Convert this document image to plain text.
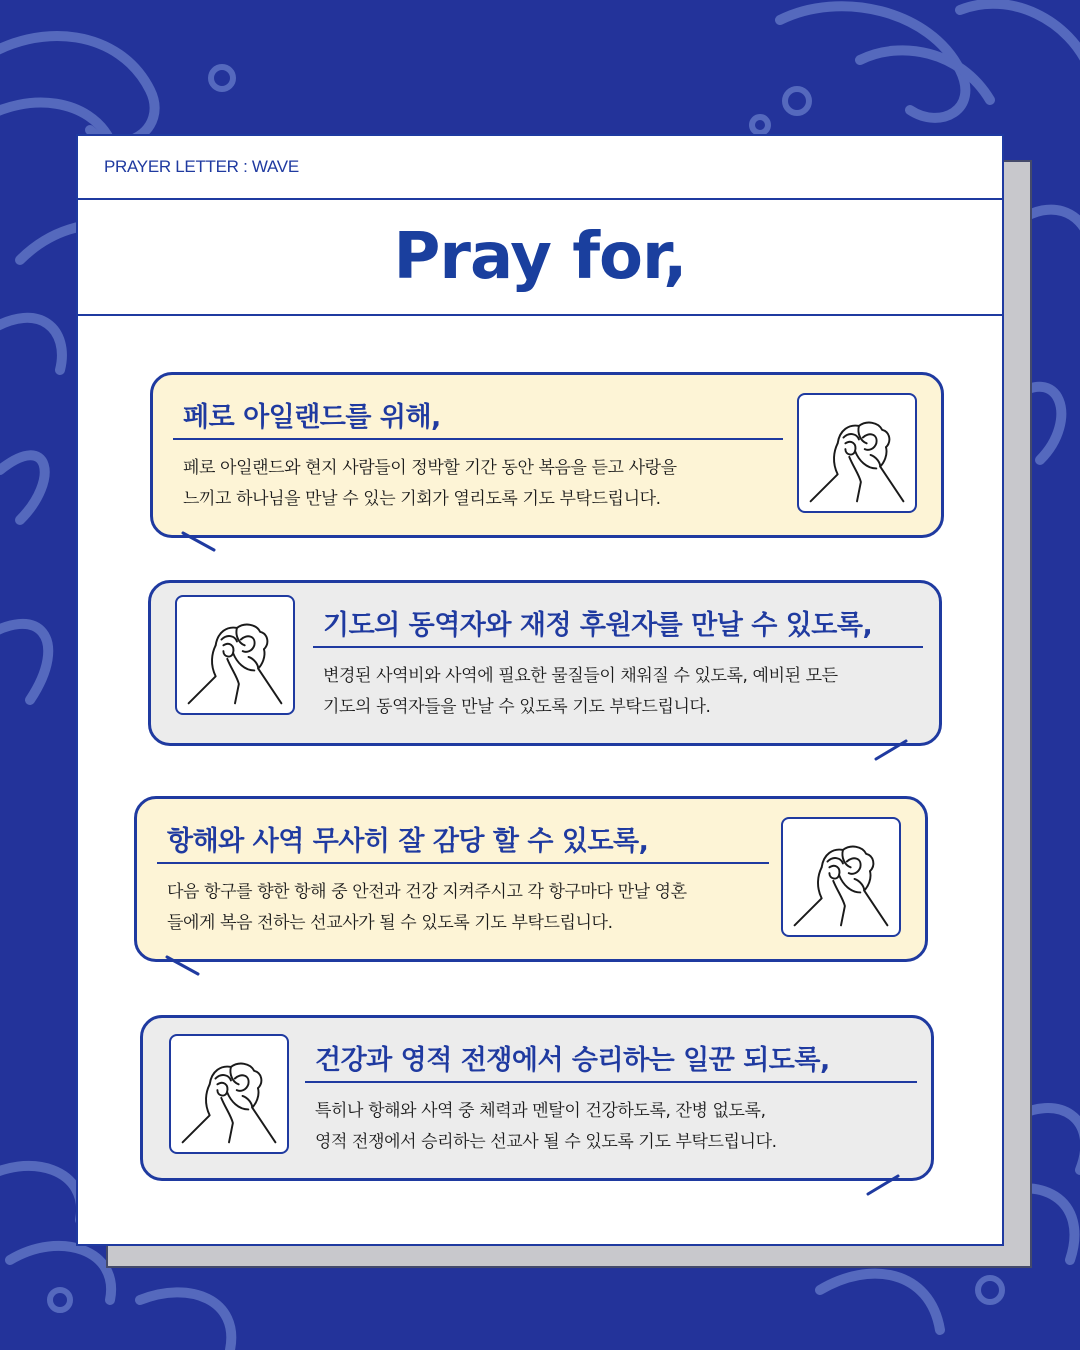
PRAYER LETTER : WAVE
Pray for,
페로 아일랜드를 위해,
페로 아일랜드와 현지 사람들이 정박할 기간 동안 복음을 듣고 사랑을
느끼고 하나님을 만날 수 있는 기회가 열리도록 기도 부탁드립니다.
기도의 동역자와 재정 후원자를 만날 수 있도록,
변경된 사역비와 사역에 필요한 물질들이 채워질 수 있도록, 예비된 모든
기도의 동역자들을 만날 수 있도록 기도 부탁드립니다.
항해와 사역 무사히 잘 감당 할 수 있도록,
다음 항구를 향한 항해 중 안전과 건강 지켜주시고 각 항구마다 만날 영혼
들에게 복음 전하는 선교사가 될 수 있도록 기도 부탁드립니다.
건강과 영적 전쟁에서 승리하는 일꾼 되도록,
특히나 항해와 사역 중 체력과 멘탈이 건강하도록, 잔병 없도록,
영적 전쟁에서 승리하는 선교사 될 수 있도록 기도 부탁드립니다.
